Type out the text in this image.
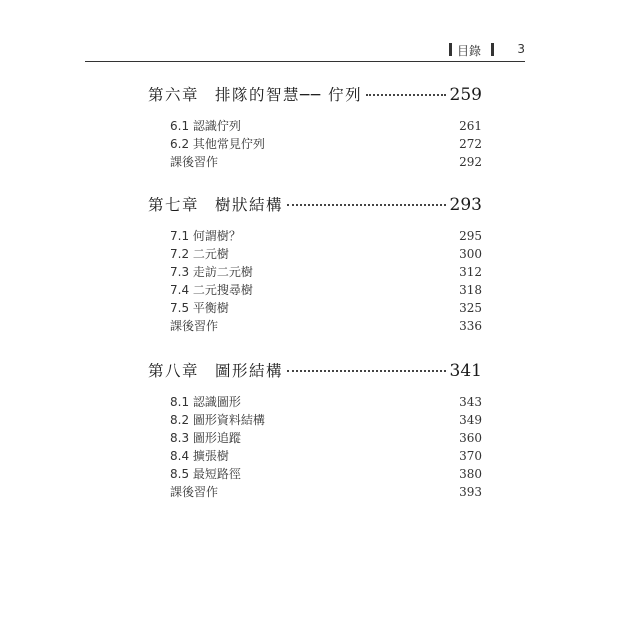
目錄	3
第六章 排隊的智慧── 佇列	259
6.1 認識佇列	261
6.2 其他常見佇列	272
課後習作	292
第七章 樹狀結構	293
7.1 何謂樹？	295
7.2 二元樹	300
7.3 走訪二元樹	312
7.4 二元搜尋樹	318
7.5 平衡樹	325
課後習作	336
第八章 圖形結構	341
8.1 認識圖形	343
8.2 圖形資料結構	349
8.3 圖形追蹤	360
8.4 擴張樹	370
8.5 最短路徑	380
課後習作	393
